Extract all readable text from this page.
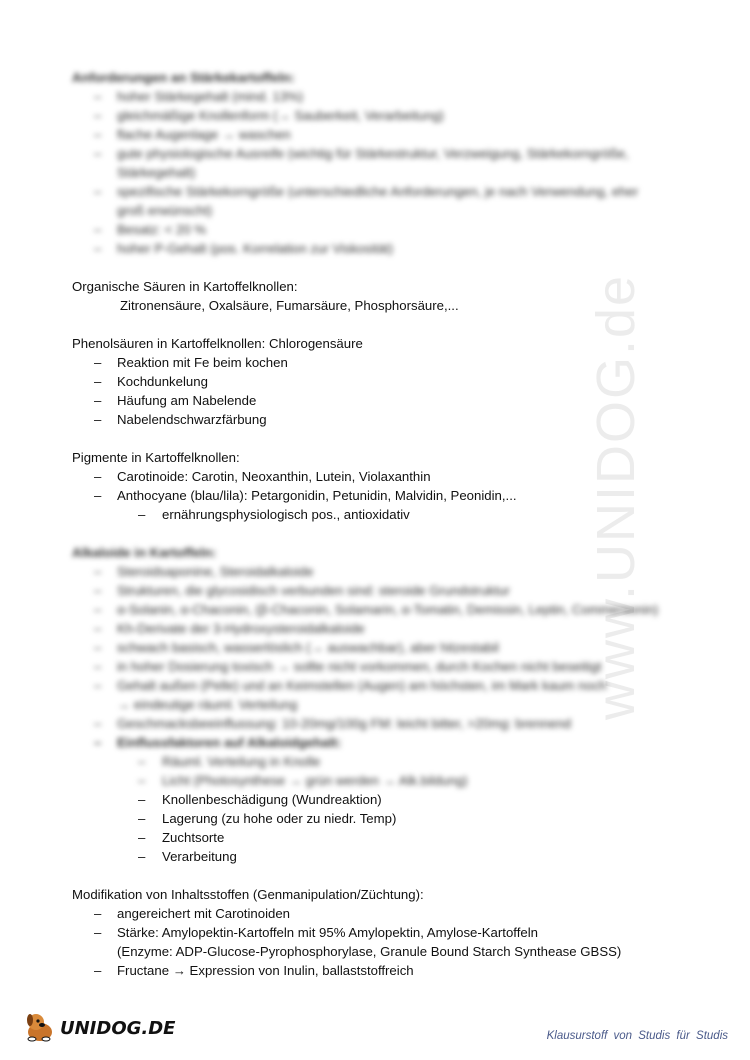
www.UNIDOG.de
Anforderungen an Stärkekartoffeln:
– hoher Stärkegehalt (mind. 13%)
– gleichmäßige Knollenform (→ Sauberkeit, Verarbeitung)
– flache Augenlage → waschen
– gute physiologische Ausreife (wichtig für Stärkestruktur, Verzweigung, Stärkekorngröße,
Stärkegehalt)
– spezifische Stärkekorngröße (unterschiedliche Anforderungen, je nach Verwendung, eher
groß erwünscht)
– Besatz: < 20 %
– hoher P-Gehalt (pos. Korrelation zur Viskosität)
Organische Säuren in Kartoffelknollen:
Zitronensäure, Oxalsäure, Fumarsäure, Phosphorsäure,...
Phenolsäuren in Kartoffelknollen: Chlorogensäure
– Reaktion mit Fe beim kochen
– Kochdunkelung
– Häufung am Nabelende
– Nabelendschwarzfärbung
Pigmente in Kartoffelknollen:
– Carotinoide: Carotin, Neoxanthin, Lutein, Violaxanthin
– Anthocyane (blau/lila): Petargonidin, Petunidin, Malvidin, Peonidin,...
– ernährungsphysiologisch pos., antioxidativ
Alkaloide in Kartoffeln:
– Steroidsaponine, Steroidalkaloide
– Strukturen, die glycosidisch verbunden sind: steroide Grundstruktur
– α-Solanin, α-Chaconin, (β-Chaconin, Solamarin, α-Tomatin, Demissin, Leptin, Commersonin)
– Kh-Derivate der 3-Hydroxysteroidalkaloide
– schwach basisch, wasserlöslich (→ auswachbar), aber hitzestabil
– in hoher Dosierung toxisch → sollte nicht vorkommen, durch Kochen nicht beseitigt
– Gehalt außen (Pelle) und an Keimstellen (Augen) am höchsten, im Mark kaum noch
→ eindeutige räuml. Verteilung
– Geschmacksbeeinflussung: 10-20mg/100g FM: leicht bitter, >20mg: brennend
– Einflussfaktoren auf Alkaloidgehalt:
– Räuml. Verteilung in Knolle
– Licht (Photosynthese → grün werden → Alk.bildung)
– Knollenbeschädigung (Wundreaktion)
– Lagerung (zu hohe oder zu niedr. Temp)
– Zuchtsorte
– Verarbeitung
Modifikation von Inhaltsstoffen (Genmanipulation/Züchtung):
– angereichert mit Carotinoiden
– Stärke: Amylopektin-Kartoffeln mit 95% Amylopektin, Amylose-Kartoffeln
(Enzyme: ADP-Glucose-Pyrophosphorylase, Granule Bound Starch Synthease GBSS)
– Fructane → Expression von Inulin, ballaststoffreich
UNIDOG.DE	Klausurstoff von Studis für Studis
